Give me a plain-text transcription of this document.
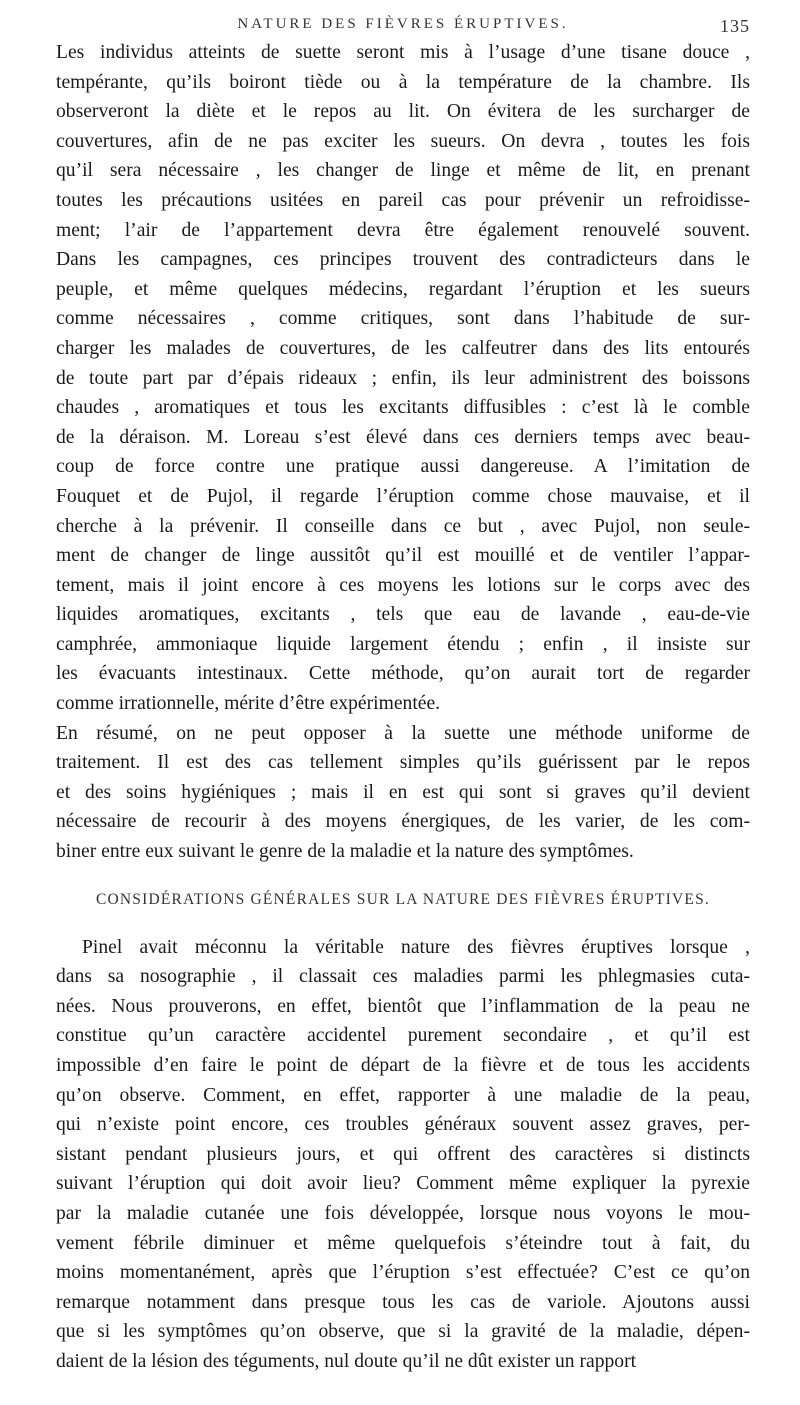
NATURE DES FIÈVRES ÉRUPTIVES.	135
Les individus atteints de suette seront mis à l’usage d’une tisane douce ,
tempérante, qu’ils boiront tiède ou à la température de la chambre. Ils
observeront la diète et le repos au lit. On évitera de les surcharger de
couvertures, afin de ne pas exciter les sueurs. On devra , toutes les fois
qu’il sera nécessaire , les changer de linge et même de lit, en prenant
toutes les précautions usitées en pareil cas pour prévenir un refroidisse-
ment; l’air de l’appartement devra être également renouvelé souvent.
Dans les campagnes, ces principes trouvent des contradicteurs dans le
peuple, et même quelques médecins, regardant l’éruption et les sueurs
comme nécessaires , comme critiques, sont dans l’habitude de sur-
charger les malades de couvertures, de les calfeutrer dans des lits entourés
de toute part par d’épais rideaux ; enfin, ils leur administrent des boissons
chaudes , aromatiques et tous les excitants diffusibles : c’est là le comble
de la déraison. M. Loreau s’est élevé dans ces derniers temps avec beau-
coup de force contre une pratique aussi dangereuse. A l’imitation de
Fouquet et de Pujol, il regarde l’éruption comme chose mauvaise, et il
cherche à la prévenir. Il conseille dans ce but , avec Pujol, non seule-
ment de changer de linge aussitôt qu’il est mouillé et de ventiler l’appar-
tement, mais il joint encore à ces moyens les lotions sur le corps avec des
liquides aromatiques, excitants , tels que eau de lavande , eau-de-vie
camphrée, ammoniaque liquide largement étendu ; enfin , il insiste sur
les évacuants intestinaux. Cette méthode, qu’on aurait tort de regarder
comme irrationnelle, mérite d’être expérimentée.
En résumé, on ne peut opposer à la suette une méthode uniforme de
traitement. Il est des cas tellement simples qu’ils guérissent par le repos
et des soins hygiéniques ; mais il en est qui sont si graves qu’il devient
nécessaire de recourir à des moyens énergiques, de les varier, de les com-
biner entre eux suivant le genre de la maladie et la nature des symptômes.
CONSIDÉRATIONS GÉNÉRALES SUR LA NATURE DES FIÈVRES ÉRUPTIVES.
Pinel avait méconnu la véritable nature des fièvres éruptives lorsque ,
dans sa nosographie , il classait ces maladies parmi les phlegmasies cuta-
nées. Nous prouverons, en effet, bientôt que l’inflammation de la peau ne
constitue qu’un caractère accidentel purement secondaire , et qu’il est
impossible d’en faire le point de départ de la fièvre et de tous les accidents
qu’on observe. Comment, en effet, rapporter à une maladie de la peau,
qui n’existe point encore, ces troubles généraux souvent assez graves, per-
sistant pendant plusieurs jours, et qui offrent des caractères si distincts
suivant l’éruption qui doit avoir lieu? Comment même expliquer la pyrexie
par la maladie cutanée une fois développée, lorsque nous voyons le mou-
vement fébrile diminuer et même quelquefois s’éteindre tout à fait, du
moins momentanément, après que l’éruption s’est effectuée? C’est ce qu’on
remarque notamment dans presque tous les cas de variole. Ajoutons aussi
que si les symptômes qu’on observe, que si la gravité de la maladie, dépen-
daient de la lésion des téguments, nul doute qu’il ne dût exister un rapport
